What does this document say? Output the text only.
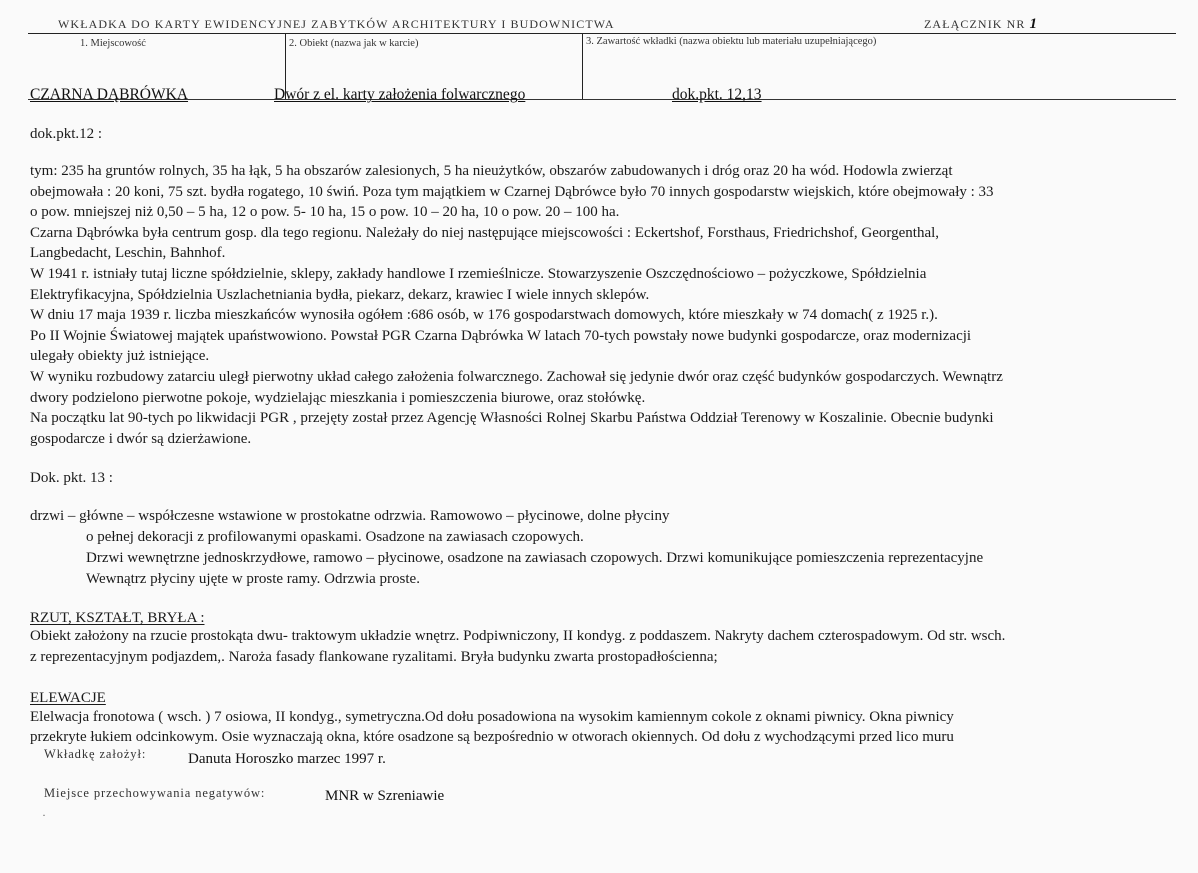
WKŁADKA DO KARTY EWIDENCYJNEJ ZABYTKÓW ARCHITEKTURY I BUDOWNICTWA	ZAŁĄCZNIK NR 1
1. Miejscowość	2. Obiekt (nazwa jak w karcie)	3. Zawartość wkładki (nazwa obiektu lub materiału uzupełniającego)
CZARNA DĄBRÓWKA	Dwór z el. karty założenia folwarcznego	dok.pkt. 12,13
dok.pkt.12 :
tym: 235 ha gruntów rolnych, 35 ha łąk, 5 ha obszarów zalesionych, 5 ha nieużytków, obszarów zabudowanych i dróg oraz 20 ha wód. Hodowla zwierząt
obejmowała : 20 koni, 75 szt. bydła rogatego, 10 świń. Poza tym majątkiem w Czarnej Dąbrówce było 70 innych gospodarstw wiejskich, które obejmowały : 33
o pow. mniejszej niż 0,50 – 5 ha, 12 o pow. 5- 10 ha, 15 o pow. 10 – 20 ha, 10 o pow. 20 – 100 ha.
Czarna Dąbrówka była centrum gosp. dla tego regionu. Należały do niej następujące miejscowości : Eckertshof, Forsthaus, Friedrichshof, Georgenthal,
Langbedacht, Leschin, Bahnhof.
W 1941 r. istniały tutaj liczne spółdzielnie, sklepy, zakłady handlowe I rzemieślnicze. Stowarzyszenie Oszczędnościowo – pożyczkowe, Spółdzielnia
Elektryfikacyjna, Spółdzielnia Uszlachetniania bydła, piekarz, dekarz, krawiec I wiele innych sklepów.
W dniu 17 maja 1939 r. liczba mieszkańców wynosiła ogółem :686 osób, w 176 gospodarstwach domowych, które mieszkały w 74 domach( z 1925 r.).
Po II Wojnie Światowej majątek upaństwowiono. Powstał PGR Czarna Dąbrówka W latach 70-tych powstały nowe budynki gospodarcze, oraz modernizacji
ulegały obiekty już istniejące.
W wyniku rozbudowy zatarciu uległ pierwotny układ całego założenia folwarcznego. Zachował się jedynie dwór oraz część budynków gospodarczych. Wewnątrz
dwory podzielono pierwotne pokoje, wydzielając mieszkania i pomieszczenia biurowe, oraz stołówkę.
Na początku lat 90-tych po likwidacji PGR , przejęty został przez Agencję Własności Rolnej Skarbu Państwa Oddział Terenowy w Koszalinie. Obecnie budynki
gospodarcze i dwór są dzierżawione.
Dok. pkt. 13 :
drzwi – główne – współczesne wstawione w prostokatne odrzwia. Ramowowo – płycinowe, dolne płyciny
o pełnej dekoracji z profilowanymi opaskami. Osadzone na zawiasach czopowych.
Drzwi wewnętrzne jednoskrzydłowe, ramowo – płycinowe, osadzone na zawiasach czopowych. Drzwi komunikujące pomieszczenia reprezentacyjne
Wewnątrz płyciny ujęte w proste ramy. Odrzwia proste.
RZUT, KSZTAŁT, BRYŁA :
Obiekt założony na rzucie prostokąta dwu- traktowym układzie wnętrz. Podpiwniczony, II kondyg. z poddaszem. Nakryty dachem czterospadowym. Od str. wsch.
z reprezentacyjnym podjazdem,. Naroża fasady flankowane ryzalitami. Bryła budynku zwarta prostopadłościenna;
ELEWACJE
Elelwacja fronotowa ( wsch. ) 7 osiowa, II kondyg., symetryczna.Od dołu posadowiona na wysokim kamiennym cokole z oknami piwnicy. Okna piwnicy
przekryte łukiem odcinkowym. Osie wyznaczają okna, które osadzone są bezpośrednio w otworach okiennych. Od dołu z wychodzącymi przed lico muru
Wkładkę założył:	Danuta Horoszko marzec 1997 r.
Miejsce przechowywania negatywów:	MNR w Szreniawie
·
